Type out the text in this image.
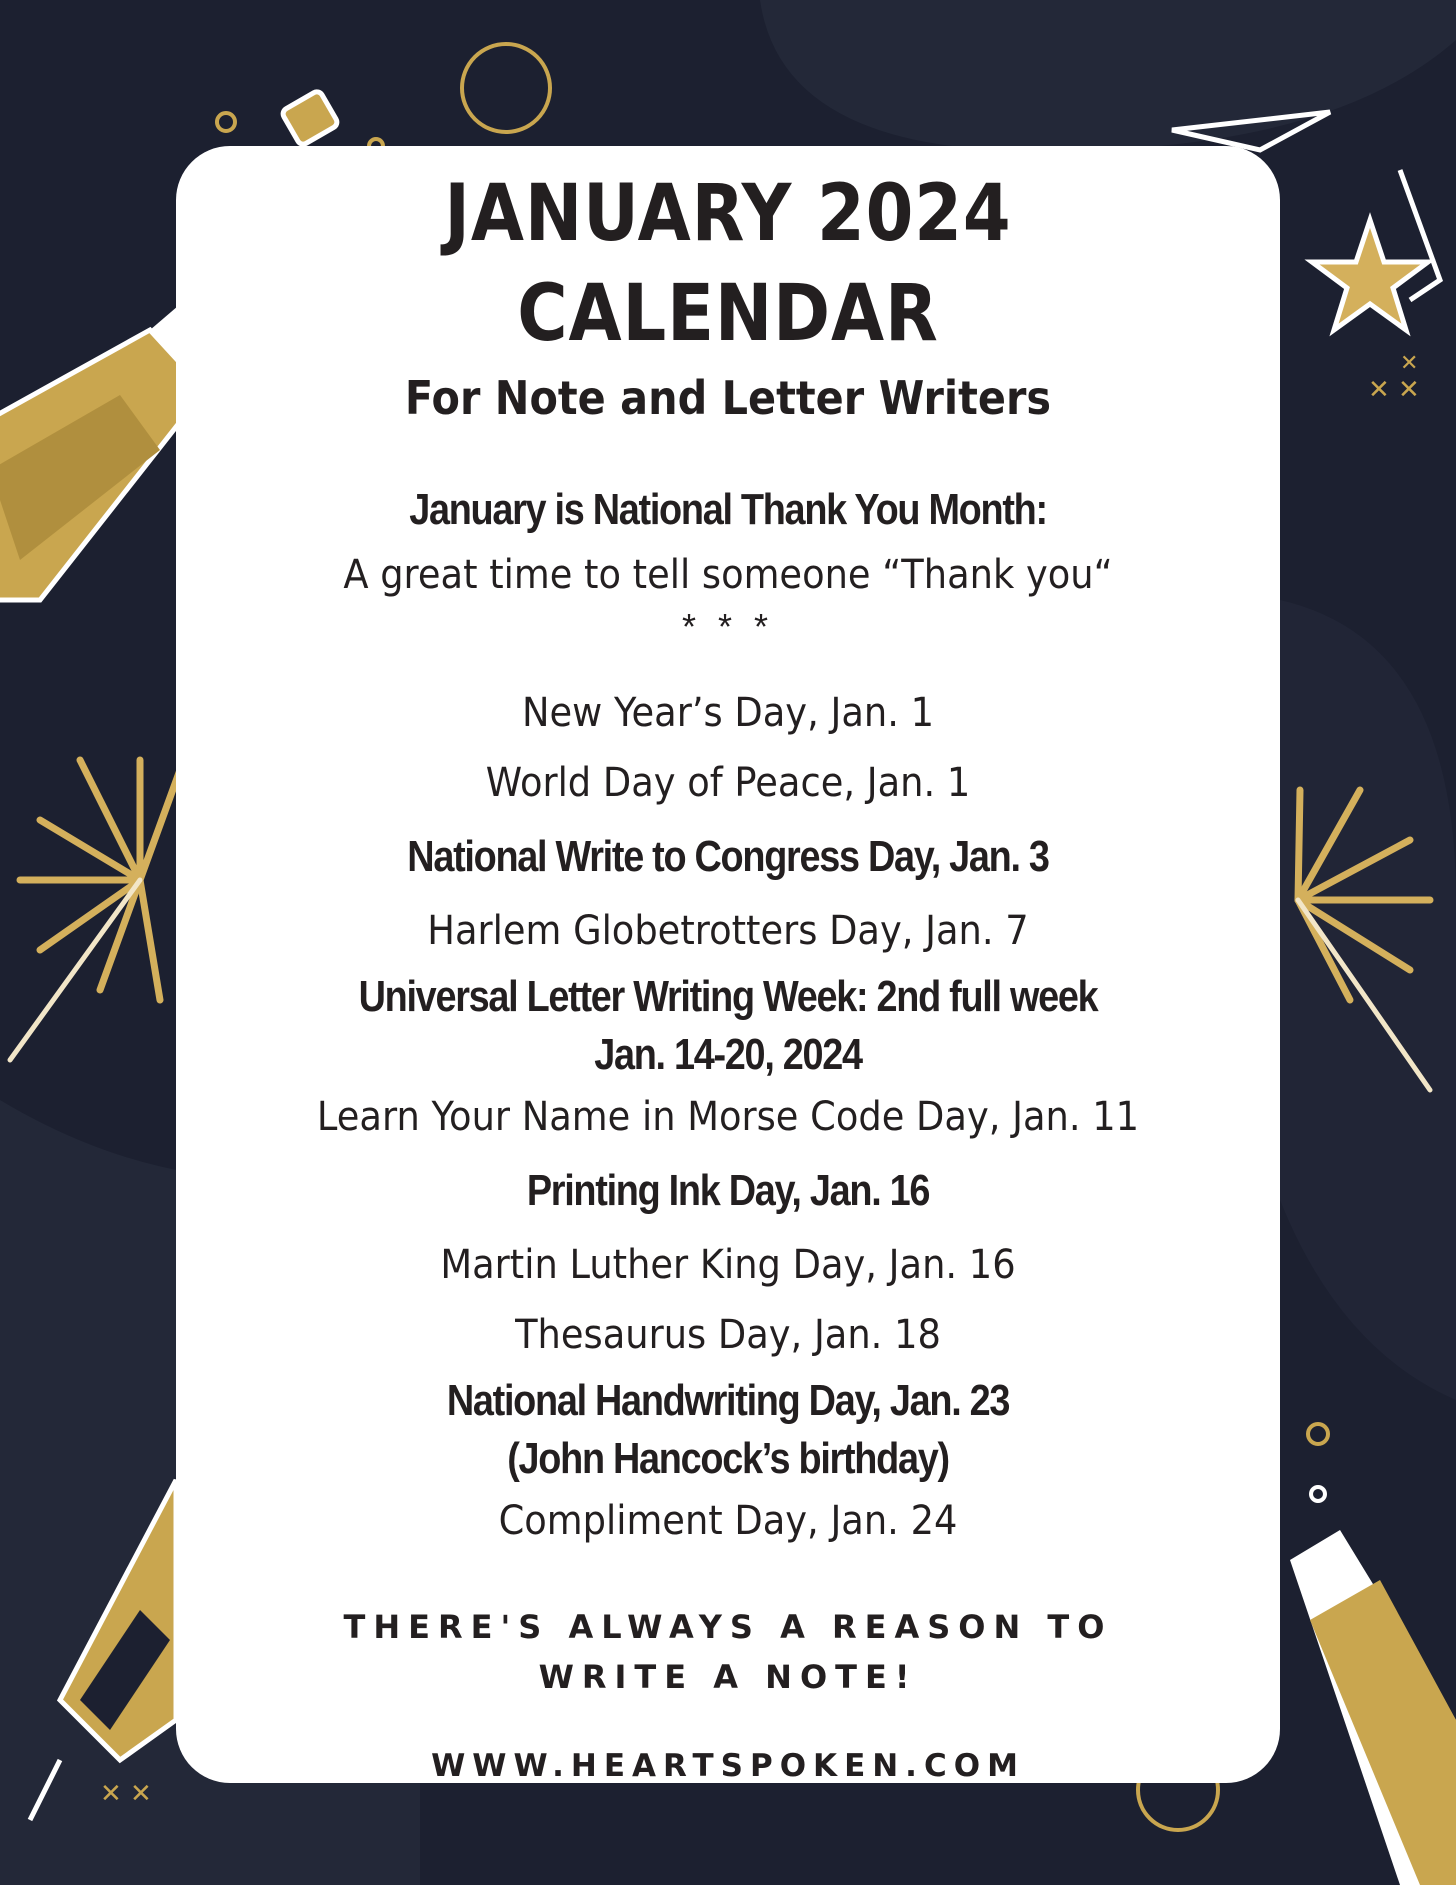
✕ ✕
✕
✕ ✕
JANUARY 2024 CALENDAR
For Note and Letter Writers

January is National Thank You Month:

A great time to tell someone “Thank you“

* * *

New Year’s Day, Jan. 1

World Day of Peace, Jan. 1

National Write to Congress Day, Jan. 3

Harlem Globetrotters Day, Jan. 7

Universal Letter Writing Week: 2nd full week

Jan. 14-20, 2024

Learn Your Name in Morse Code Day, Jan. 11

Printing Ink Day, Jan. 16

Martin Luther King Day, Jan. 16

Thesaurus Day, Jan. 18

National Handwriting Day, Jan. 23

(John Hancock’s birthday)

Compliment Day, Jan. 24

THERE'S ALWAYS A REASON TO

WRITE A NOTE!

WWW.HEARTSPOKEN.COM
